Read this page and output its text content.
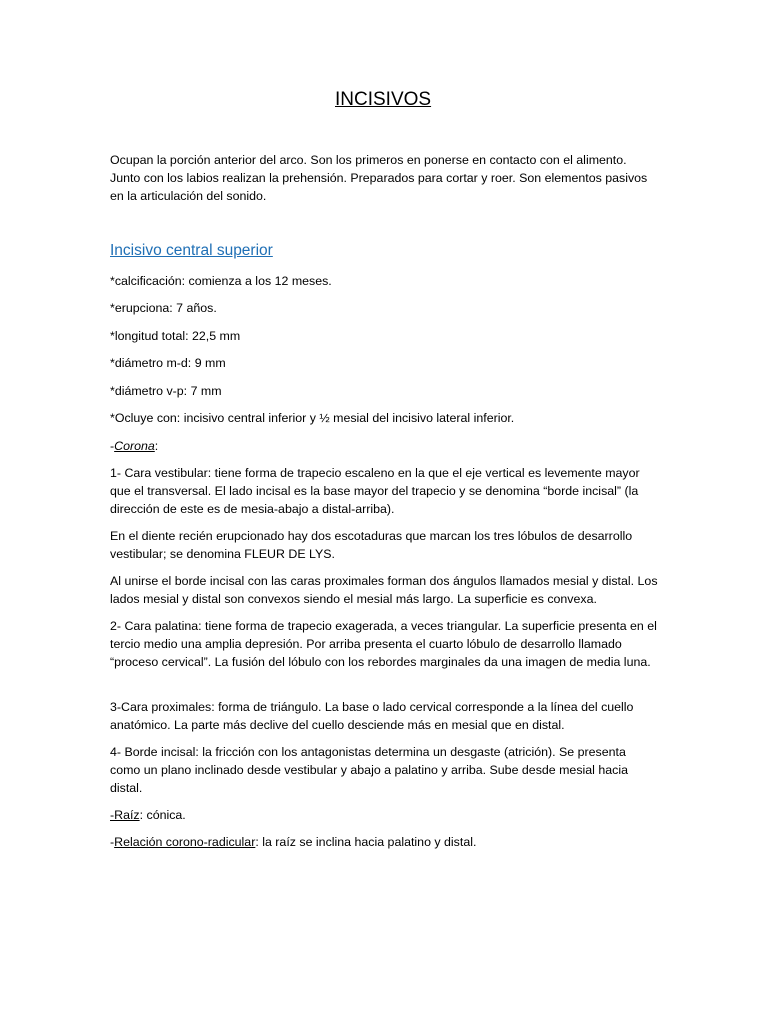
INCISIVOS

Ocupan la porción anterior del arco. Son los primeros en ponerse en contacto con el alimento. Junto con los labios realizan la prehensión. Preparados para cortar y roer. Son elementos pasivos en la articulación del sonido.

Incisivo central superior

*calcificación: comienza a los 12 meses.

*erupciona: 7 años.

*longitud total: 22,5 mm

*diámetro m-d: 9 mm

*diámetro v-p: 7 mm

*Ocluye con: incisivo central inferior y ½ mesial del incisivo lateral inferior.

-Corona:

1- Cara vestibular: tiene forma de trapecio escaleno en la que el eje vertical es levemente mayor que el transversal. El lado incisal es la base mayor del trapecio y se denomina “borde incisal” (la dirección de este es de mesia-abajo a distal-arriba).

En el diente recién erupcionado hay dos escotaduras que marcan los tres lóbulos de desarrollo vestibular; se denomina FLEUR DE LYS.

Al unirse el borde incisal con las caras proximales forman dos ángulos llamados mesial y distal. Los lados mesial y distal son convexos siendo el mesial más largo. La superficie es convexa.

2- Cara palatina: tiene forma de trapecio exagerada, a veces triangular. La superficie presenta en el tercio medio una amplia depresión. Por arriba presenta el cuarto lóbulo de desarrollo llamado “proceso cervical”. La fusión del lóbulo con los rebordes marginales da una imagen de media luna.

3-Cara proximales: forma de triángulo. La base o lado cervical corresponde a la línea del cuello anatómico. La parte más declive del cuello desciende más en mesial que en distal.

4- Borde incisal: la fricción con los antagonistas determina un desgaste (atrición). Se presenta como un plano inclinado desde vestibular y abajo a palatino y arriba. Sube desde mesial hacia distal.

-Raíz: cónica.

-Relación corono-radicular: la raíz se inclina hacia palatino y distal.
